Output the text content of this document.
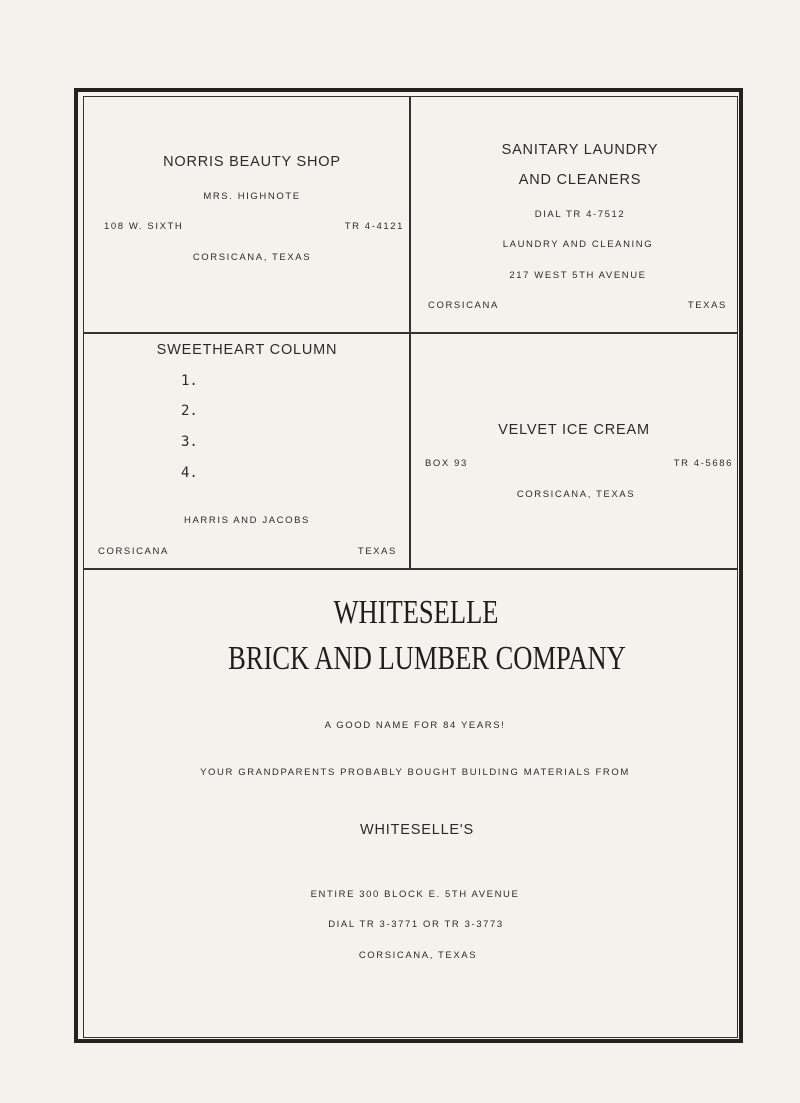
NORRIS BEAUTY SHOP
MRS. HIGHNOTE
108 W. SIXTH	TR 4-4121
CORSICANA, TEXAS
SANITARY LAUNDRY
AND CLEANERS
DIAL TR 4-7512
LAUNDRY AND CLEANING
217 WEST 5TH AVENUE
CORSICANA	TEXAS
SWEETHEART COLUMN
1.
2.
3.
4.
HARRIS AND JACOBS
CORSICANA	TEXAS
VELVET ICE CREAM
BOX 93	TR 4-5686
CORSICANA, TEXAS
WHITESELLE
BRICK AND LUMBER COMPANY
A GOOD NAME FOR 84 YEARS!
YOUR GRANDPARENTS PROBABLY BOUGHT BUILDING MATERIALS FROM
WHITESELLE'S
ENTIRE 300 BLOCK E. 5TH AVENUE
DIAL TR 3-3771 OR TR 3-3773
CORSICANA, TEXAS
